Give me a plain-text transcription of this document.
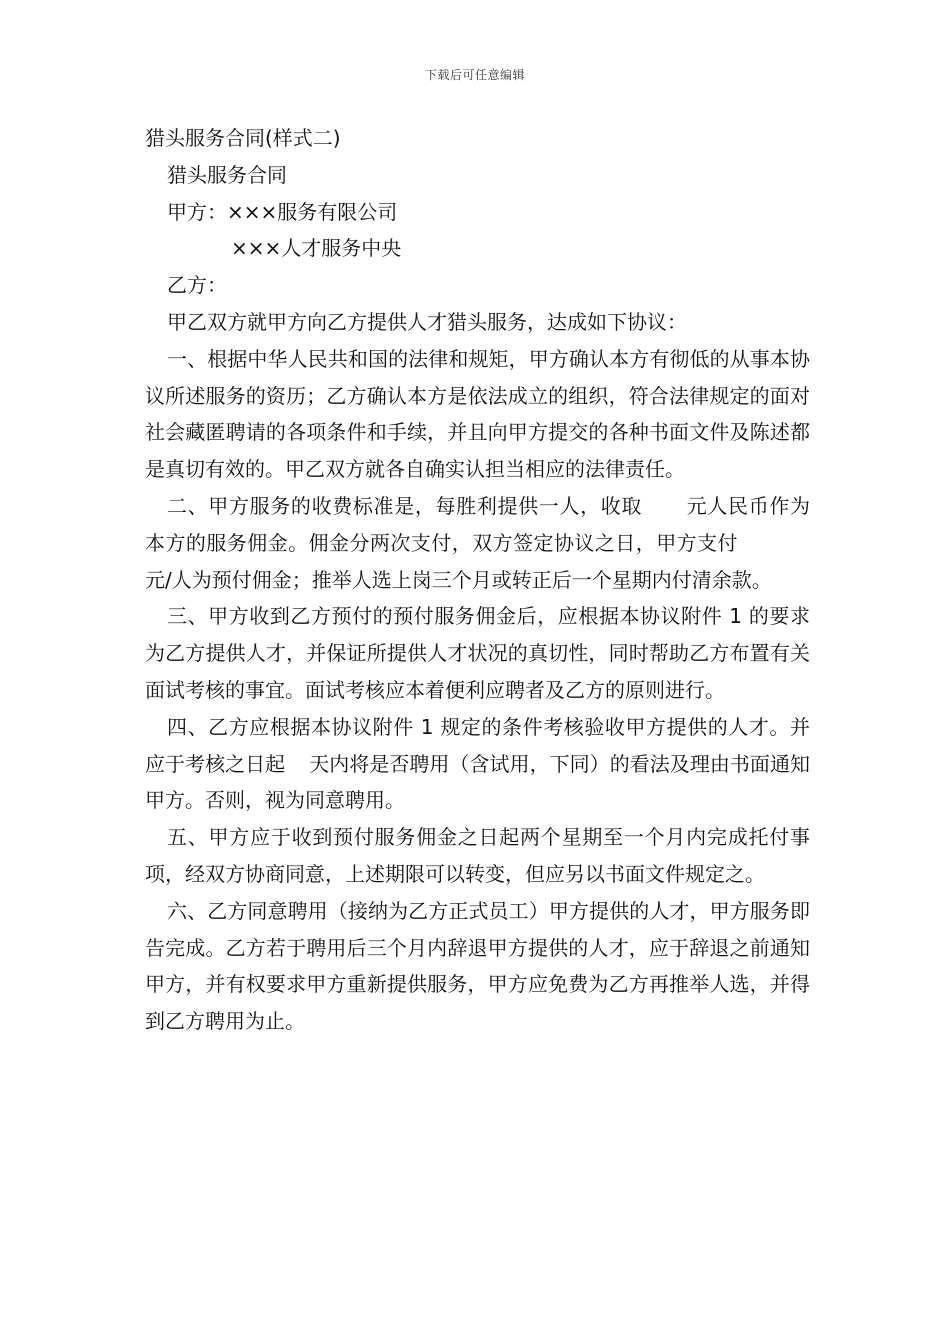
下载后可任意编辑

猎头服务合同(样式二)

猎头服务合同

甲方：×××服务有限公司

×××人才服务中央

乙方：

甲乙双方就甲方向乙方提供人才猎头服务，达成如下协议：

一、根据中华人民共和国的法律和规矩，甲方确认本方有彻低的从事本协议所述服务的资历；乙方确认本方是依法成立的组织，符合法律规定的面对社会藏匿聘请的各项条件和手续，并且向甲方提交的各种书面文件及陈述都是真切有效的。甲乙双方就各自确实认担当相应的法律责任。

二、甲方服务的收费标准是，每胜利提供一人，收取 元人民币作为本方的服务佣金。佣金分两次支付，双方签定协议之日，甲方支付元/人为预付佣金；推举人选上岗三个月或转正后一个星期内付清余款。

三、甲方收到乙方预付的预付服务佣金后，应根据本协议附件 1 的要求为乙方提供人才，并保证所提供人才状况的真切性，同时帮助乙方布置有关面试考核的事宜。面试考核应本着便利应聘者及乙方的原则进行。

四、乙方应根据本协议附件 1 规定的条件考核验收甲方提供的人才。并应于考核之日起 天内将是否聘用（含试用，下同）的看法及理由书面通知甲方。否则，视为同意聘用。

五、甲方应于收到预付服务佣金之日起两个星期至一个月内完成托付事项，经双方协商同意，上述期限可以转变，但应另以书面文件规定之。

六、乙方同意聘用（接纳为乙方正式员工）甲方提供的人才，甲方服务即告完成。乙方若于聘用后三个月内辞退甲方提供的人才，应于辞退之前通知甲方，并有权要求甲方重新提供服务，甲方应免费为乙方再推举人选，并得到乙方聘用为止。
